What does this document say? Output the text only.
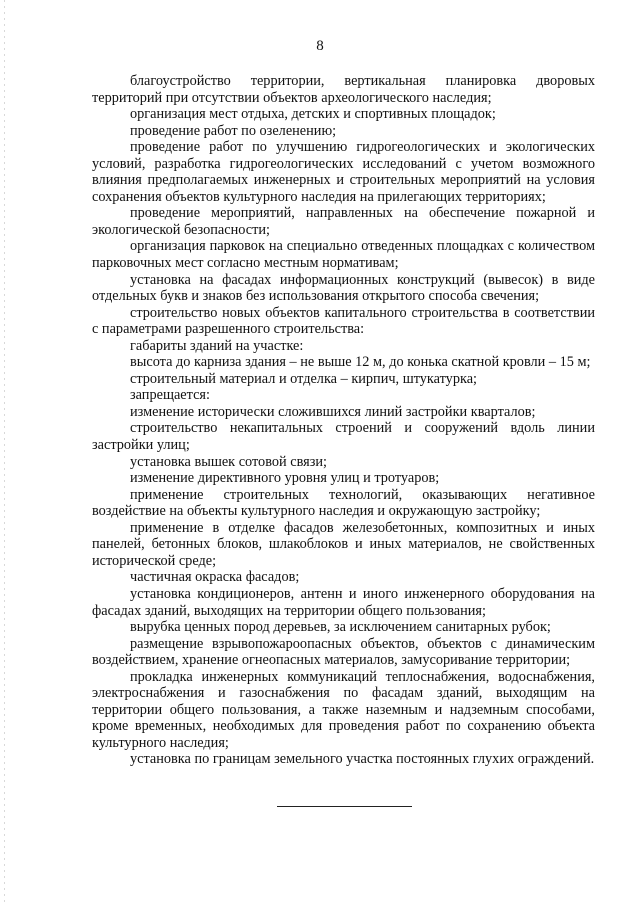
8

благоустройство территории, вертикальная планировка дворовых территорий при отсутствии объектов археологического наследия;

организация мест отдыха, детских и спортивных площадок;

проведение работ по озеленению;

проведение работ по улучшению гидрогеологических и экологических условий, разработка гидрогеологических исследований с учетом возможного влияния предполагаемых инженерных и строительных мероприятий на условия сохранения объектов культурного наследия на прилегающих территориях;

проведение мероприятий, направленных на обеспечение пожарной и экологической безопасности;

организация парковок на специально отведенных площадках с количеством парковочных мест согласно местным нормативам;

установка на фасадах информационных конструкций (вывесок) в виде отдельных букв и знаков без использования открытого способа свечения;

строительство новых объектов капитального строительства в соответствии с параметрами разрешенного строительства:

габариты зданий на участке:

высота до карниза здания – не выше 12 м, до конька скатной кровли – 15 м;

строительный материал и отделка – кирпич, штукатурка;

запрещается:

изменение исторически сложившихся линий застройки кварталов;

строительство некапитальных строений и сооружений вдоль линии застройки улиц;

установка вышек сотовой связи;

изменение директивного уровня улиц и тротуаров;

применение строительных технологий, оказывающих негативное воздействие на объекты культурного наследия и окружающую застройку;

применение в отделке фасадов железобетонных, композитных и иных панелей, бетонных блоков, шлакоблоков и иных материалов, не свойственных исторической среде;

частичная окраска фасадов;

установка кондиционеров, антенн и иного инженерного оборудования на фасадах зданий, выходящих на территории общего пользования;

вырубка ценных пород деревьев, за исключением санитарных рубок;

размещение взрывопожароопасных объектов, объектов с динамическим воздействием, хранение огнеопасных материалов, замусоривание территории;

прокладка инженерных коммуникаций теплоснабжения, водоснабжения, электроснабжения и газоснабжения по фасадам зданий, выходящим на территории общего пользования, а также наземным и надземным способами, кроме временных, необходимых для проведения работ по сохранению объекта культурного наследия;

установка по границам земельного участка постоянных глухих ограждений.
